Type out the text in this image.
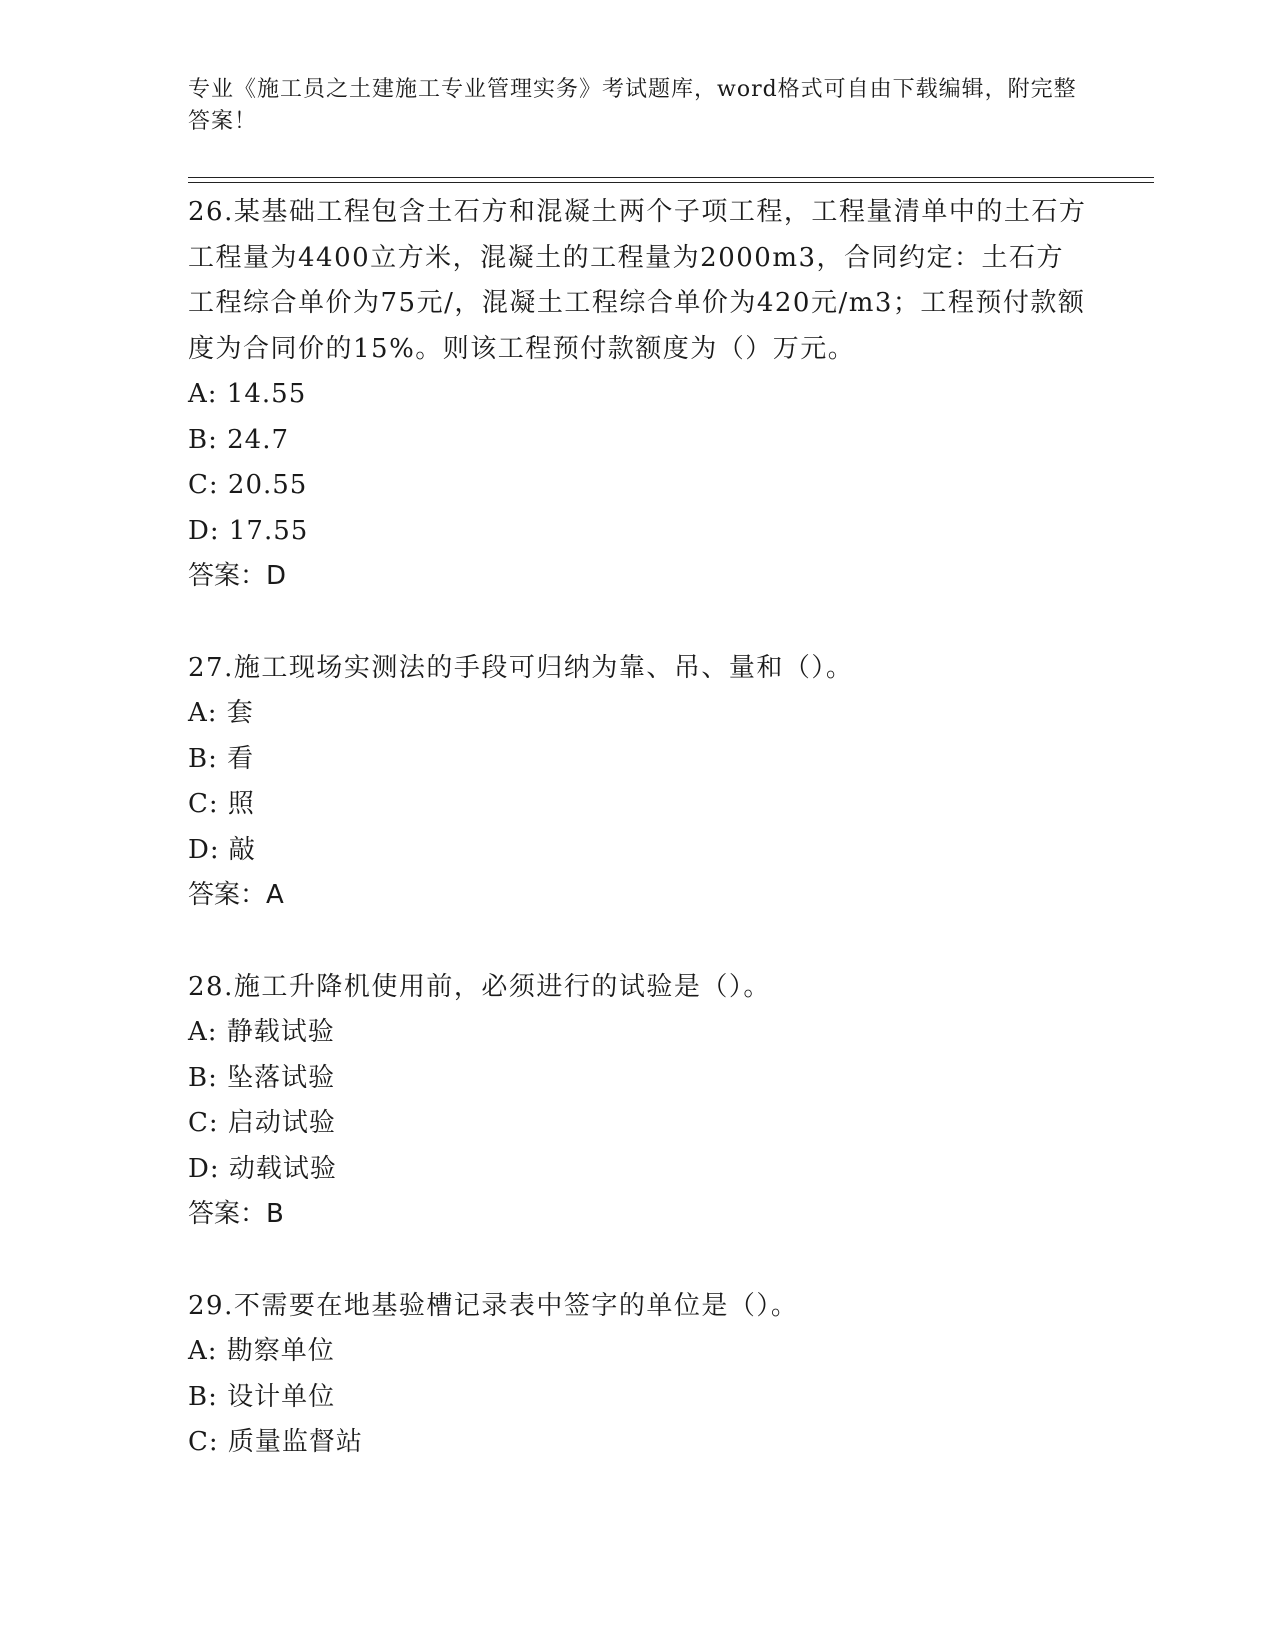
专业《施工员之土建施工专业管理实务》考试题库，word格式可自由下载编辑，附完整答案！
26.某基础工程包含土石方和混凝土两个子项工程，工程量清单中的土石方工程量为4400立方米，混凝土的工程量为2000m3，合同约定：土石方工程综合单价为75元/，混凝土工程综合单价为420元/m3；工程预付款额度为合同价的15%。则该工程预付款额度为（）万元。
A: 14.55
B: 24.7
C: 20.55
D: 17.55
答案：D
27.施工现场实测法的手段可归纳为靠、吊、量和（）。
A: 套
B: 看
C: 照
D: 敲
答案：A
28.施工升降机使用前，必须进行的试验是（）。
A: 静载试验
B: 坠落试验
C: 启动试验
D: 动载试验
答案：B
29.不需要在地基验槽记录表中签字的单位是（）。
A: 勘察单位
B: 设计单位
C: 质量监督站
